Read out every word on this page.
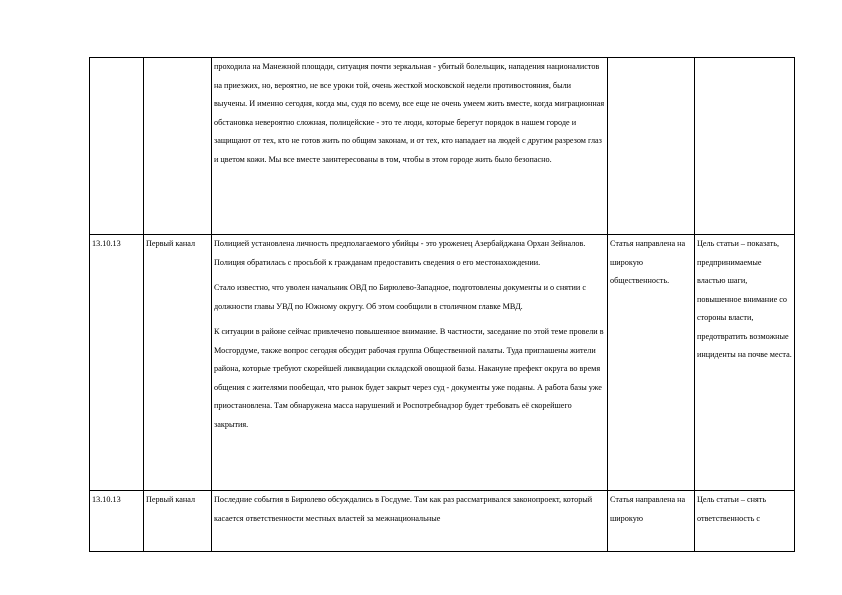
		проходила на Манежной площади, ситуация почти зеркальная - убитый болельщик, нападения националистов на приезжих, но, вероятно, не все уроки той, очень жесткой московской недели противостояния, были выучены. И именно сегодня, когда мы, судя по всему, все еще не очень умеем жить вместе, когда миграционная обстановка невероятно сложная, полицейские - это те люди, которые берегут порядок в нашем городе и защищают от тех, кто не готов жить по общим законам, и от тех, кто нападает на людей с другим разрезом глаз и цветом кожи. Мы все вместе заинтересованы в том, чтобы в этом городе жить было безопасно.		

13.10.13	Первый канал	Полицией установлена личность предполагаемого убийцы - это уроженец Азербайджана Орхан Зейналов. Полиция обратилась с просьбой к гражданам предоставить сведения о его местонахождении.

Стало известно, что уволен начальник ОВД по Бирюлево-Западное, подготовлены документы и о снятии с должности главы УВД по Южному округу. Об этом сообщили в столичном главке МВД.

К ситуации в районе сейчас привлечено повышенное внимание. В частности, заседание по этой теме провели в Мосгордуме, также вопрос сегодня обсудит рабочая группа Общественной палаты. Туда приглашены жители района, которые требуют скорейшей ликвидации складской овощной базы. Накануне префект округа во время общения с жителями пообещал, что рынок будет закрыт через суд - документы уже поданы. А работа базы уже приостановлена. Там обнаружена масса нарушений и Роспотребнадзор будет требовать её скорейшего закрытия.	Статья направлена на широкую общественность.	Цель статьи – показать, предпринимаемые властью шаги, повышенное внимание со стороны власти, предотвратить возможные инциденты на почве места.
13.10.13	Первый канал	Последние события в Бирюлево обсуждались в Госдуме. Там как раз рассматривался законопроект, который касается ответственности местных властей за межнациональные	Статья направлена на широкую	Цель статьи – снять ответственность с
